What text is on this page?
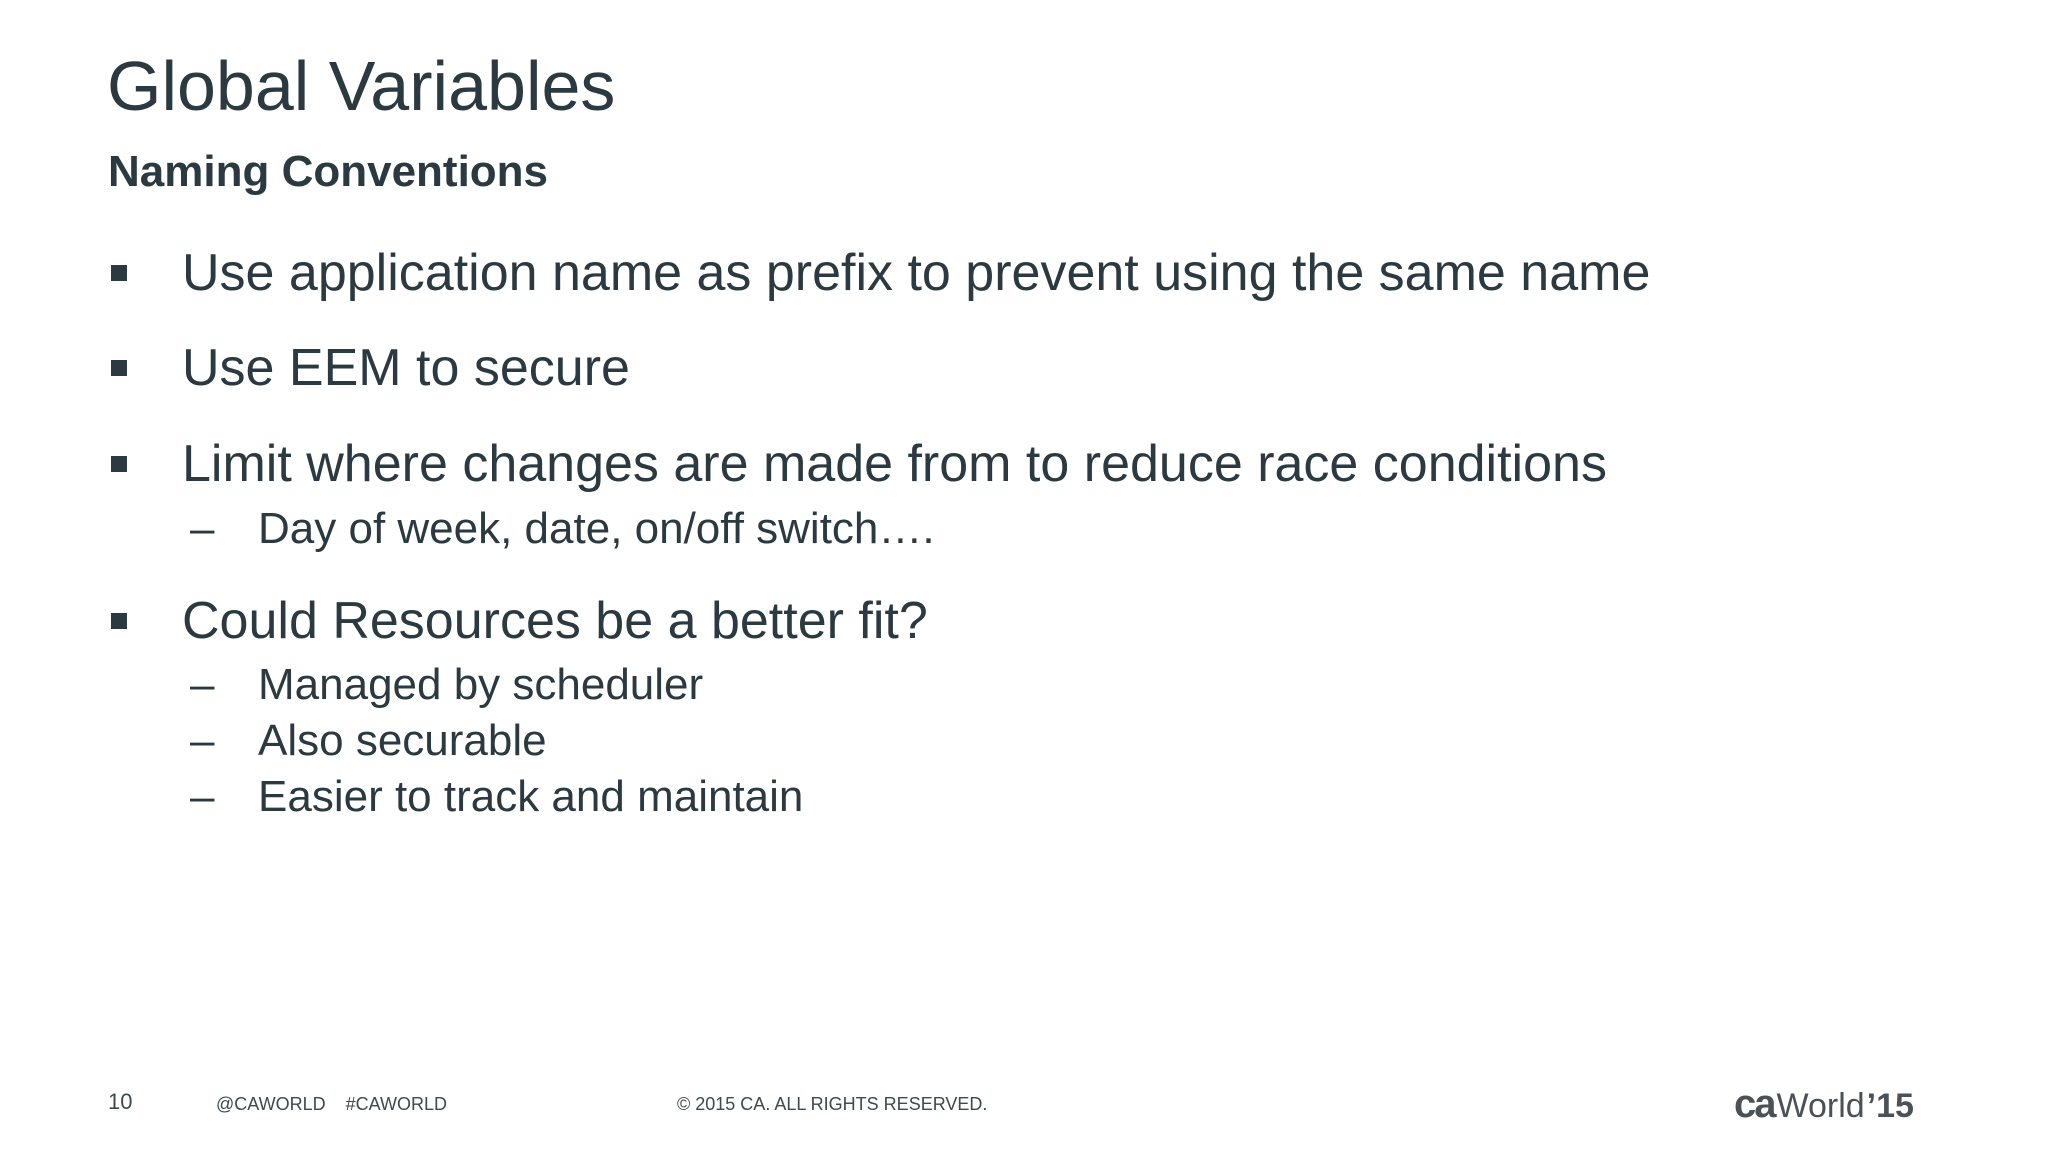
Global Variables
Naming Conventions
Use application name as prefix to prevent using the same name
Use EEM to secure
Limit where changes are made from to reduce race conditions
– Day of week, date, on/off switch….
Could Resources be a better fit?
– Managed by scheduler
– Also securable
– Easier to track and maintain
10	@CAWORLD    #CAWORLD	© 2015 CA. ALL RIGHTS RESERVED.	caWorld’15
